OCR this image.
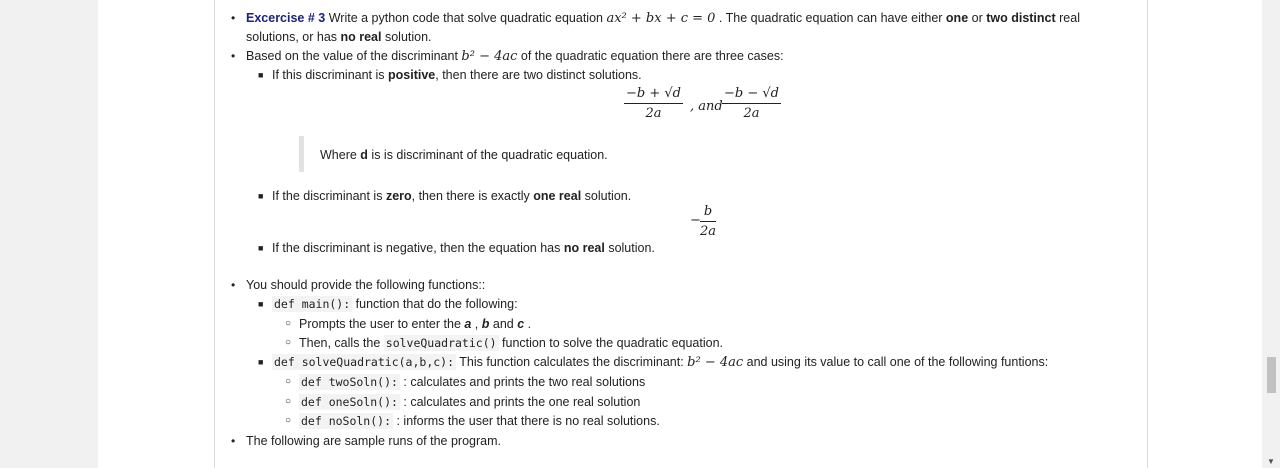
• Excercise # 3 Write a python code that solve quadratic equation ax² + bx + c = 0 . The quadratic equation can have either one or two distinct real
solutions, or has no real solution.
• Based on the value of the discriminant b² − 4ac of the quadratic equation there are three cases:
■ If this discriminant is positive, then there are two distinct solutions.
$\frac{-b + √d}{2a}$ , and $\frac{-b - √d}{2a}$
Where d is is discriminant of the quadratic equation.
■ If the discriminant is zero, then there is exactly one real solution.
− $\frac{b}{2a}$
■ If the discriminant is negative, then the equation has no real solution.
• You should provide the following functions::
■ def main(): function that do the following:
○ Prompts the user to enter the a , b and c .
○ Then, calls the solveQuadratic() function to solve the quadratic equation.
■ def solveQuadratic(a,b,c): This function calculates the discriminant: b² − 4ac and using its value to call one of the following funtions:
○ def twoSoln(): : calculates and prints the two real solutions
○ def oneSoln(): : calculates and prints the one real solution
○ def noSoln(): : informs the user that there is no real solutions.
• The following are sample runs of the program.
▼
